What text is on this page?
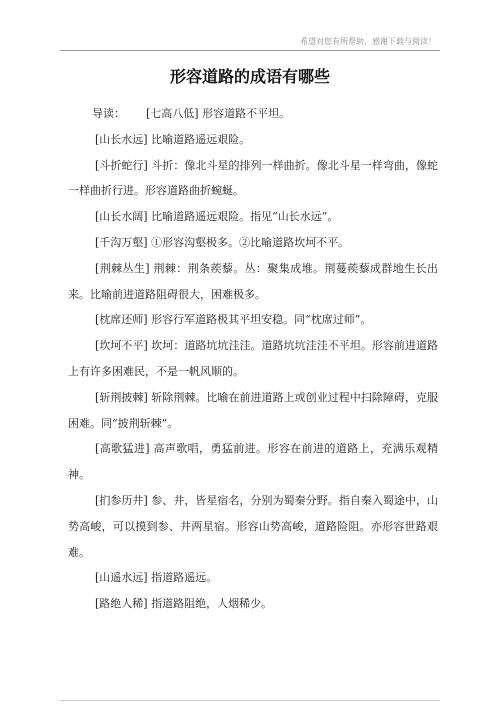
希望对您有所帮助，感谢下载与阅读！
形容道路的成语有哪些

导读： [七高八低] 形容道路不平坦。

[山长水远] 比喻道路遥远艰险。

[斗折蛇行] 斗折：像北斗星的排列一样曲折。像北斗星一样弯曲，像蛇一样曲折行进。形容道路曲折蜿蜒。

[山长水阔] 比喻道路遥远艰险。指见“山长水远”。

[千沟万壑] ①形容沟壑极多。②比喻道路坎坷不平。

[荆棘丛生] 荆棘：荆条蒺藜。丛：聚集成堆。荆蔓蒺藜成群地生长出来。比喻前进道路阻碍很大，困难极多。

[枕席还师] 形容行军道路极其平坦安稳。同“枕席过师”。

[坎坷不平] 坎坷：道路坑坑洼洼。道路坑坑洼洼不平坦。形容前进道路上有许多困难民，不是一帆风顺的。

[斩荆披棘] 斩除荆棘。比喻在前进道路上或创业过程中扫除障碍，克服困难。同“披荆斩棘”。

[高歌猛进] 高声歌唱，勇猛前进。形容在前进的道路上，充满乐观精神。

[扪参历井] 参、井，皆星宿名，分别为蜀秦分野。指自秦入蜀途中，山势高峻，可以摸到参、井两星宿。形容山势高峻，道路险阻。亦形容世路艰难。

[山遥水远] 指道路遥远。

[路绝人稀] 指道路阻绝，人烟稀少。
